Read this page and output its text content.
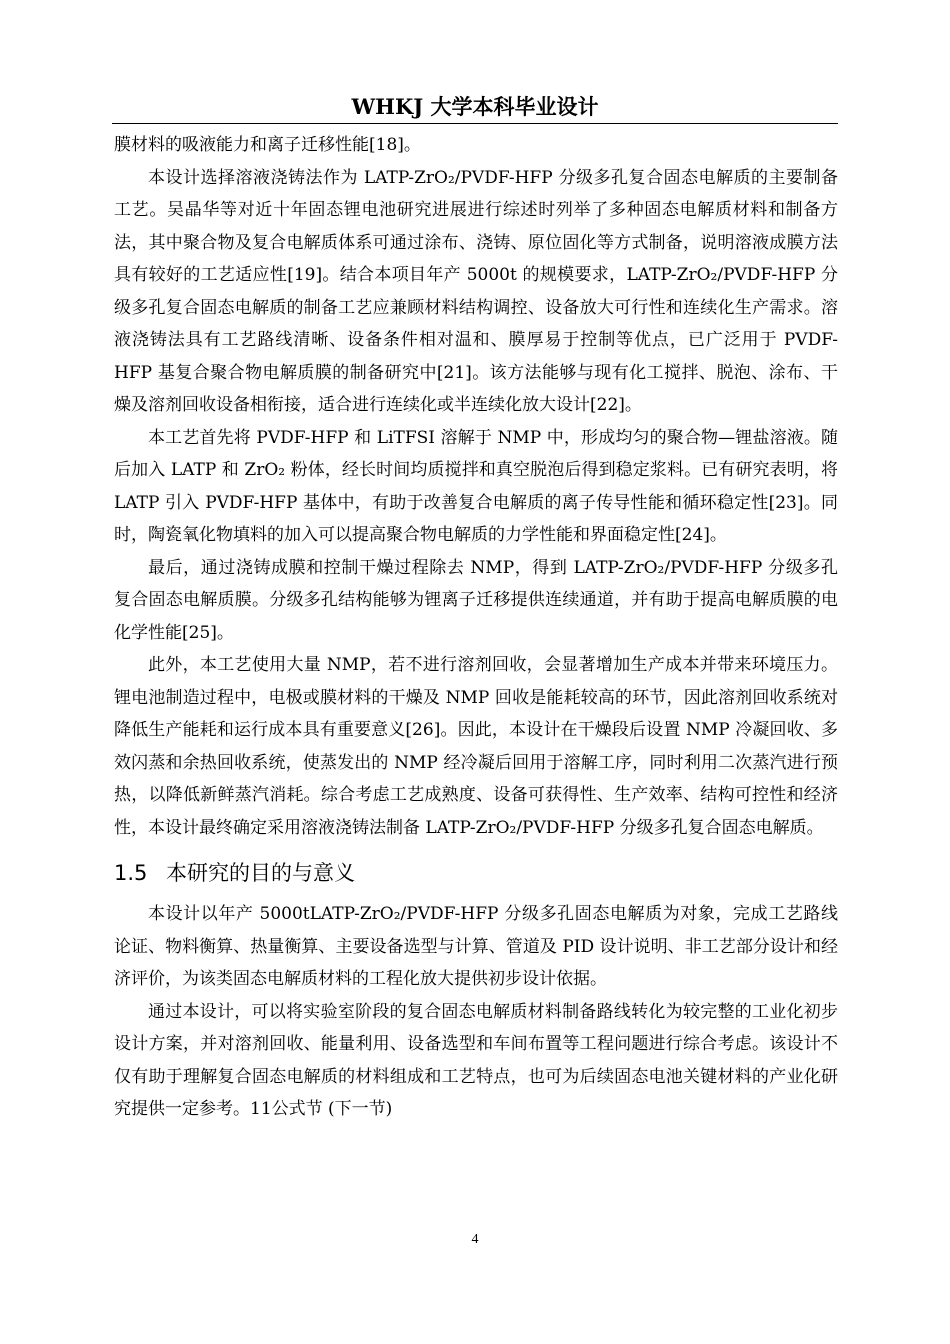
WHKJ 大学本科毕业设计

膜材料的吸液能力和离子迁移性能[18]。

本设计选择溶液浇铸法作为 LATP-ZrO₂/PVDF-HFP 分级多孔复合固态电解质的主要制备工艺。吴晶华等对近十年固态锂电池研究进展进行综述时列举了多种固态电解质材料和制备方法，其中聚合物及复合电解质体系可通过涂布、浇铸、原位固化等方式制备，说明溶液成膜方法具有较好的工艺适应性[19]。结合本项目年产 5000t 的规模要求，LATP-ZrO₂/PVDF-HFP 分级多孔复合固态电解质的制备工艺应兼顾材料结构调控、设备放大可行性和连续化生产需求。溶液浇铸法具有工艺路线清晰、设备条件相对温和、膜厚易于控制等优点，已广泛用于 PVDF-HFP 基复合聚合物电解质膜的制备研究中[21]。该方法能够与现有化工搅拌、脱泡、涂布、干燥及溶剂回收设备相衔接，适合进行连续化或半连续化放大设计[22]。

本工艺首先将 PVDF-HFP 和 LiTFSI 溶解于 NMP 中，形成均匀的聚合物—锂盐溶液。随后加入 LATP 和 ZrO₂ 粉体，经长时间均质搅拌和真空脱泡后得到稳定浆料。已有研究表明，将 LATP 引入 PVDF-HFP 基体中，有助于改善复合电解质的离子传导性能和循环稳定性[23]。同时，陶瓷氧化物填料的加入可以提高聚合物电解质的力学性能和界面稳定性[24]。

最后，通过浇铸成膜和控制干燥过程除去 NMP，得到 LATP-ZrO₂/PVDF-HFP 分级多孔复合固态电解质膜。分级多孔结构能够为锂离子迁移提供连续通道，并有助于提高电解质膜的电化学性能[25]。

此外，本工艺使用大量 NMP，若不进行溶剂回收，会显著增加生产成本并带来环境压力。锂电池制造过程中，电极或膜材料的干燥及 NMP 回收是能耗较高的环节，因此溶剂回收系统对降低生产能耗和运行成本具有重要意义[26]。因此，本设计在干燥段后设置 NMP 冷凝回收、多效闪蒸和余热回收系统，使蒸发出的 NMP 经冷凝后回用于溶解工序，同时利用二次蒸汽进行预热，以降低新鲜蒸汽消耗。综合考虑工艺成熟度、设备可获得性、生产效率、结构可控性和经济性，本设计最终确定采用溶液浇铸法制备 LATP-ZrO₂/PVDF-HFP 分级多孔复合固态电解质。

1.5 本研究的目的与意义

本设计以年产 5000tLATP-ZrO₂/PVDF-HFP 分级多孔固态电解质为对象，完成工艺路线论证、物料衡算、热量衡算、主要设备选型与计算、管道及 PID 设计说明、非工艺部分设计和经济评价，为该类固态电解质材料的工程化放大提供初步设计依据。

通过本设计，可以将实验室阶段的复合固态电解质材料制备路线转化为较完整的工业化初步设计方案，并对溶剂回收、能量利用、设备选型和车间布置等工程问题进行综合考虑。该设计不仅有助于理解复合固态电解质的材料组成和工艺特点，也可为后续固态电池关键材料的产业化研究提供一定参考。11公式节 (下一节)

4
